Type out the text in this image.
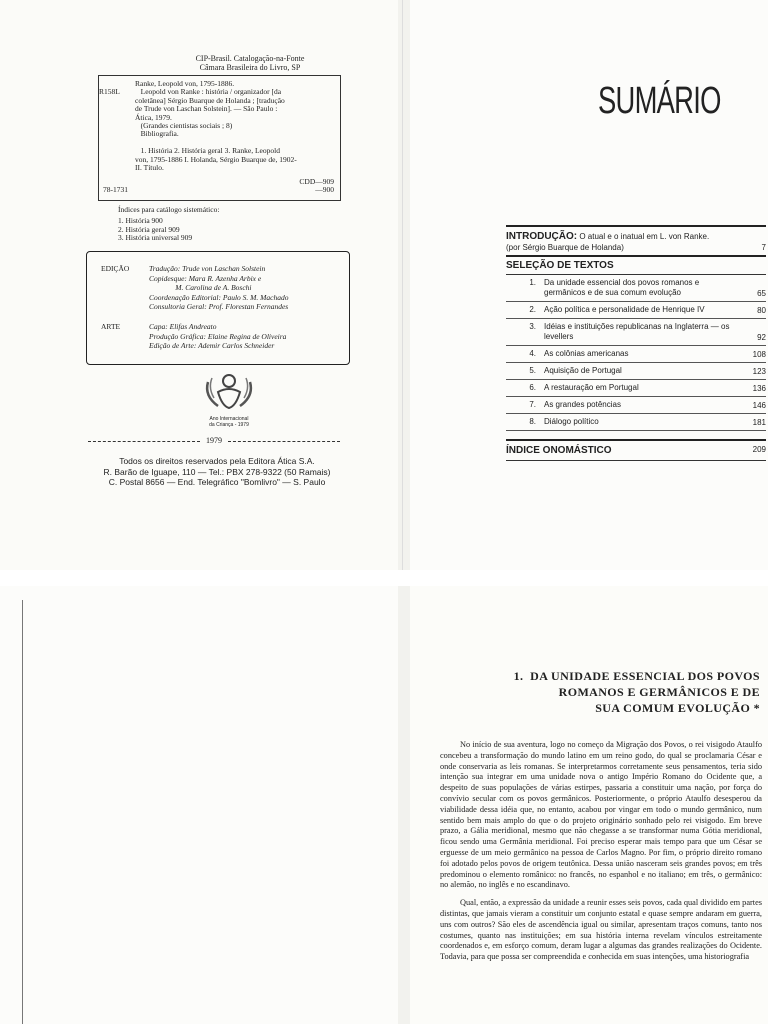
CIP-Brasil. Catalogação-na-Fonte
Câmara Brasileira do Livro, SP
R158L
Ranke, Leopold von, 1795-1886.
Leopold von Ranke : história / organizador [da
coletânea] Sérgio Buarque de Holanda ; [tradução
de Trude von Laschan Solstein]. — São Paulo :
Ática, 1979.
(Grandes cientistas sociais ; 8)
Bibliografia.
1. História 2. História geral 3. Ranke, Leopold
von, 1795-1886 I. Holanda, Sérgio Buarque de, 1902-
II. Título.
CDD—909
—900
78-1731
Índices para catálogo sistemático:
1. História 900
2. História geral 909
3. História universal 909
EDIÇÃO	Tradução: Trude von Laschan Solstein
Copidesque: Mara R. Azenha Arbix e
M. Carolina de A. Boschi
Coordenação Editorial: Paulo S. M. Machado
Consultoria Geral: Prof. Florestan Fernandes
ARTE	Capa: Elifas Andreato
Produção Gráfica: Elaine Regina de Oliveira
Edição de Arte: Ademir Carlos Schneider
Ano Internacional
da Criança - 1979
1979
Todos os direitos reservados pela Editora Ática S.A.
R. Barão de Iguape, 110 — Tel.: PBX 278-9322 (50 Ramais)
C. Postal 8656 — End. Telegráfico "Bomlivro" — S. Paulo
SUMÁRIO
INTRODUÇÃO: O atual e o inatual em L. von Ranke.
(por Sérgio Buarque de Holanda)	7
SELEÇÃO DE TEXTOS
1.	Da unidade essencial dos povos romanos e germânicos e de sua comum evolução	65
2.	Ação política e personalidade de Henrique IV	80
3.	Idéias e instituições republicanas na Inglaterra — os levellers	92
4.	As colônias americanas	108
5.	Aquisição de Portugal	123
6.	A restauração em Portugal	136
7.	As grandes potências	146
8.	Diálogo político	181
ÍNDICE ONOMÁSTICO	209
1.  DA UNIDADE ESSENCIAL DOS POVOS
ROMANOS E GERMÂNICOS E DE
SUA COMUM EVOLUÇÃO *

No início de sua aventura, logo no começo da Migração dos Povos, o rei visigodo Ataulfo concebeu a transformação do mundo latino em um reino godo, do qual se proclamaria César e onde conservaria as leis romanas. Se interpretarmos corretamente seus pensamentos, teria sido intenção sua integrar em uma unidade nova o antigo Império Romano do Ocidente que, a despeito de suas populações de várias estirpes, passaria a constituir uma nação, por força do convívio secular com os povos germânicos. Posteriormente, o próprio Ataulfo desesperou da viabilidade dessa idéia que, no entanto, acabou por vingar em todo o mundo germânico, num sentido bem mais amplo do que o do projeto originário sonhado pelo rei visigodo. Em breve prazo, a Gália meridional, mesmo que não chegasse a se transformar numa Gótia meridional, ficou sendo uma Germânia meridional. Foi preciso esperar mais tempo para que um César se erguesse de um meio germânico na pessoa de Carlos Magno. Por fim, o próprio direito romano foi adotado pelos povos de origem teutônica. Dessa união nasceram seis grandes povos; em três predominou o elemento românico: no francês, no espanhol e no italiano; em três, o germânico: no alemão, no inglês e no escandinavo.

Qual, então, a expressão da unidade a reunir esses seis povos, cada qual dividido em partes distintas, que jamais vieram a constituir um conjunto estatal e quase sempre andaram em guerra, uns com outros? São eles de ascendência igual ou similar, apresentam traços comuns, tanto nos costumes, quanto nas instituições; em sua história interna revelam vínculos estreitamente coordenados e, em esforço comum, deram lugar a algumas das grandes realizações do Ocidente. Todavia, para que possa ser compreendida e conhecida em suas intenções, uma historiografia
